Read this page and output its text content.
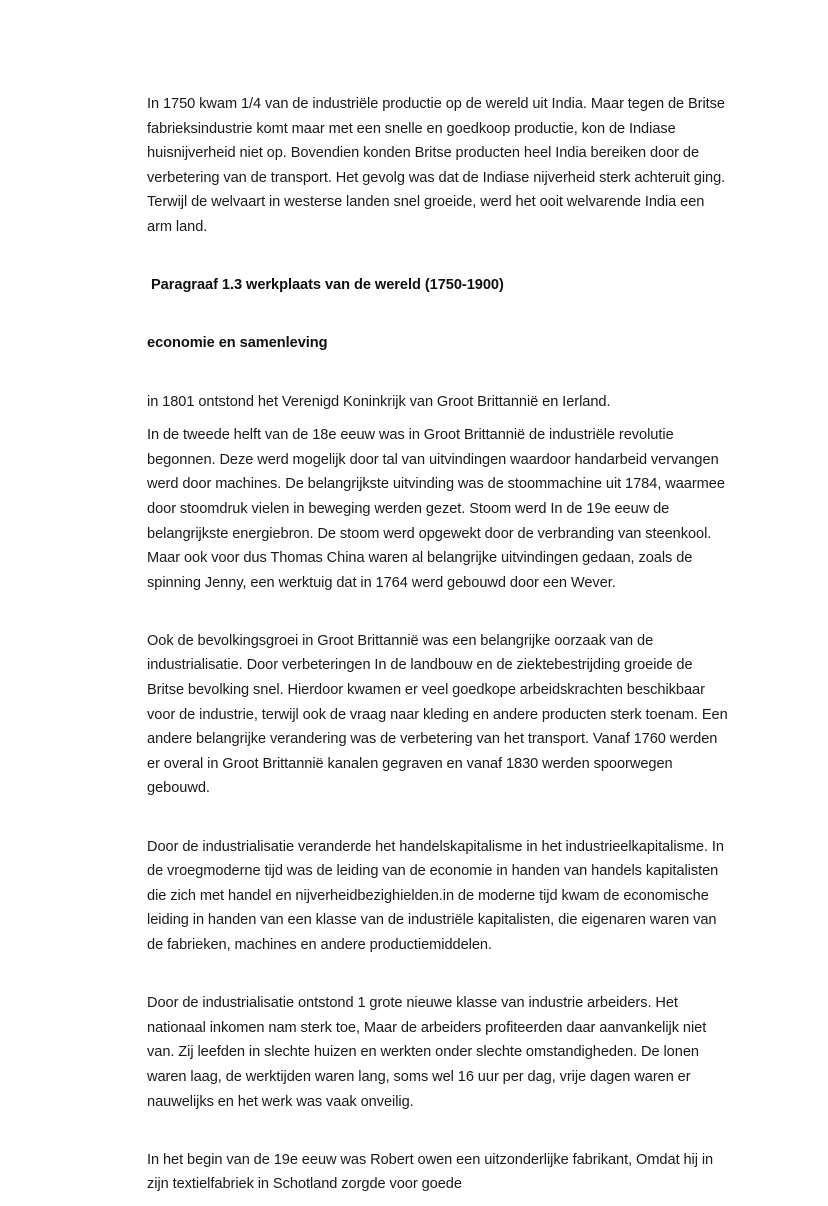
In 1750 kwam 1/4 van de industriële productie op de wereld uit India. Maar tegen de Britse fabrieksindustrie komt maar met een snelle en goedkoop productie, kon de Indiase huisnijverheid niet op. Bovendien konden Britse producten heel India bereiken door de verbetering van de transport. Het gevolg was dat de Indiase nijverheid sterk achteruit ging. Terwijl de welvaart in westerse landen snel groeide, werd het ooit welvarende India een arm land.

Paragraaf 1.3 werkplaats van de wereld (1750-1900)
economie en samenleving

in 1801 ontstond het Verenigd Koninkrijk van Groot Brittannië en Ierland.

In de tweede helft van de 18e eeuw was in Groot Brittannië de industriële revolutie begonnen. Deze werd mogelijk door tal van uitvindingen waardoor handarbeid vervangen werd door machines. De belangrijkste uitvinding was de stoommachine uit 1784, waarmee door stoomdruk vielen in beweging werden gezet. Stoom werd In de 19e eeuw de belangrijkste energiebron. De stoom werd opgewekt door de verbranding van steenkool. Maar ook voor dus Thomas China waren al belangrijke uitvindingen gedaan, zoals de spinning Jenny, een werktuig dat in 1764 werd gebouwd door een Wever.

Ook de bevolkingsgroei in Groot Brittannië was een belangrijke oorzaak van de industrialisatie. Door verbeteringen In de landbouw en de ziektebestrijding groeide de Britse bevolking snel. Hierdoor kwamen er veel goedkope arbeidskrachten beschikbaar voor de industrie, terwijl ook de vraag naar kleding en andere producten sterk toenam. Een andere belangrijke verandering was de verbetering van het transport. Vanaf 1760 werden er overal in Groot Brittannië kanalen gegraven en vanaf 1830 werden spoorwegen gebouwd.

Door de industrialisatie veranderde het handelskapitalisme in het industrieelkapitalisme. In de vroegmoderne tijd was de leiding van de economie in handen van handels kapitalisten die zich met handel en nijverheidbezighielden.in de moderne tijd kwam de economische leiding in handen van een klasse van de industriële kapitalisten, die eigenaren waren van de fabrieken, machines en andere productiemiddelen.

Door de industrialisatie ontstond 1 grote nieuwe klasse van industrie arbeiders. Het nationaal inkomen nam sterk toe, Maar de arbeiders profiteerden daar aanvankelijk niet van. Zij leefden in slechte huizen en werkten onder slechte omstandigheden. De lonen waren laag, de werktijden waren lang, soms wel 16 uur per dag, vrije dagen waren er nauwelijks en het werk was vaak onveilig.

In het begin van de 19e eeuw was Robert owen een uitzonderlijke fabrikant, Omdat hij in zijn textielfabriek in Schotland zorgde voor goede
